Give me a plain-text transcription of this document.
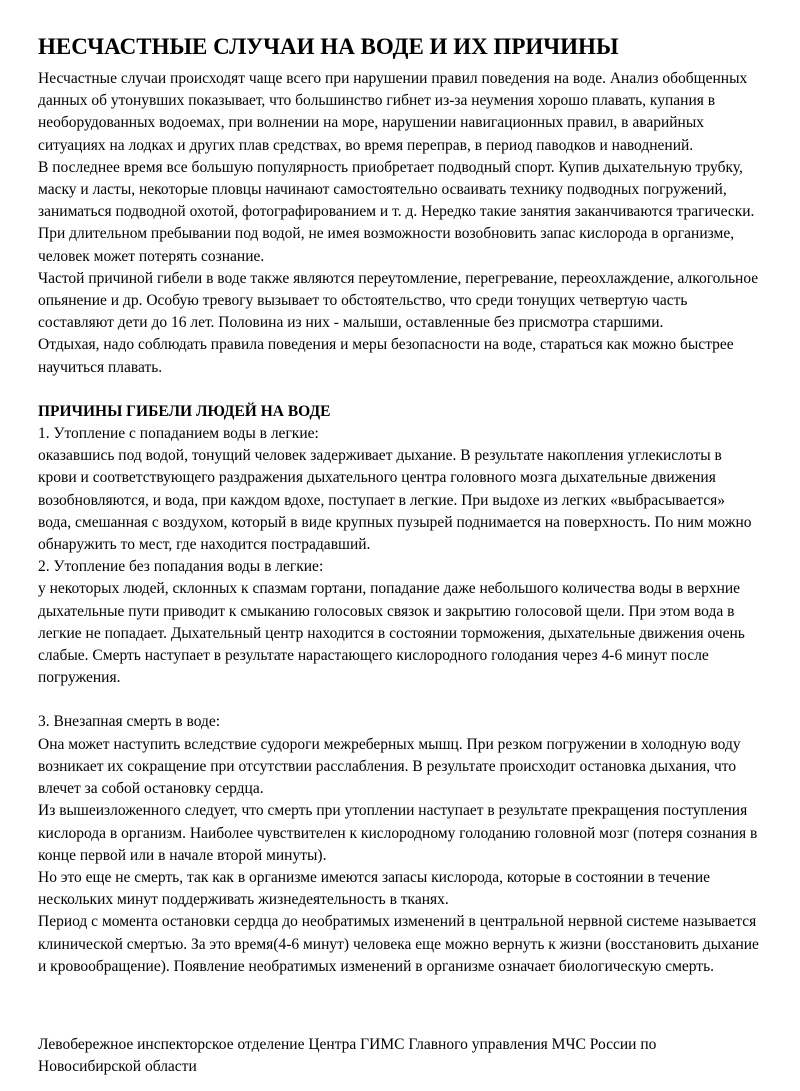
НЕСЧАСТНЫЕ СЛУЧАИ НА ВОДЕ И ИХ ПРИЧИНЫ

Несчастные случаи происходят чаще всего при нарушении правил поведения на воде. Анализ обобщенных данных об утонувших показывает, что большинство гибнет из-за неумения хорошо плавать, купания в необорудованных водоемах, при волнении на море, нарушении навигационных правил, в аварийных ситуациях на лодках и других плав средствах, во время переправ, в период паводков и наводнений.

В последнее время все большую популярность приобретает подводный спорт. Купив дыхательную трубку, маску и ласты, некоторые пловцы начинают самостоятельно осваивать технику подводных погружений, заниматься подводной охотой, фотографированием и т. д. Нередко такие занятия заканчиваются трагически. При длительном пребывании под водой, не имея возможности возобновить запас кислорода в организме, человек может потерять сознание.

Частой причиной гибели в воде также являются переутомление, перегревание, переохлаждение, алкогольное опьянение и др. Особую тревогу вызывает то обстоятельство, что среди тонущих четвертую часть составляют дети до 16 лет. Половина из них - малыши, оставленные без присмотра старшими.

Отдыхая, надо соблюдать правила поведения и меры безопасности на воде, стараться как можно быстрее научиться плавать.

ПРИЧИНЫ ГИБЕЛИ ЛЮДЕЙ НА ВОДЕ

1. Утопление с попаданием воды в легкие:

оказавшись под водой, тонущий человек задерживает дыхание. В результате накопления углекислоты в крови и соответствующего раздражения дыхательного центра головного мозга дыхательные движения возобновляются, и вода, при каждом вдохе, поступает в легкие. При выдохе из легких «выбрасывается» вода, смешанная с воздухом, который в виде крупных пузырей поднимается на поверхность. По ним можно обнаружить то мест, где находится пострадавший.

2. Утопление без попадания воды в легкие:

у некоторых людей, склонных к спазмам гортани, попадание даже небольшого количества воды в верхние дыхательные пути приводит к смыканию голосовых связок и закрытию голосовой щели. При этом вода в легкие не попадает. Дыхательный центр находится в состоянии торможения, дыхательные движения очень слабые. Смерть наступает в результате нарастающего кислородного голодания через 4-6 минут после погружения.

3. Внезапная смерть в воде:

Она может наступить вследствие судороги межреберных мышц. При резком погружении в холодную воду возникает их сокращение при отсутствии расслабления. В результате происходит остановка дыхания, что влечет за собой остановку сердца.

Из вышеизложенного следует, что смерть при утоплении наступает в результате прекращения поступления кислорода в организм. Наиболее чувствителен к кислородному голоданию головной мозг (потеря сознания в конце первой или в начале второй минуты).

Но это еще не смерть, так как в организме имеются запасы кислорода, которые в состоянии в течение нескольких минут поддерживать жизнедеятельность в тканях.

Период с момента остановки сердца до необратимых изменений в центральной нервной системе называется клинической смертью. За это время(4-6 минут) человека еще можно вернуть к жизни (восстановить дыхание и кровообращение). Появление необратимых изменений в организме означает биологическую смерть.

Левобережное инспекторское отделение Центра ГИМС Главного управления МЧС России по Новосибирской области
